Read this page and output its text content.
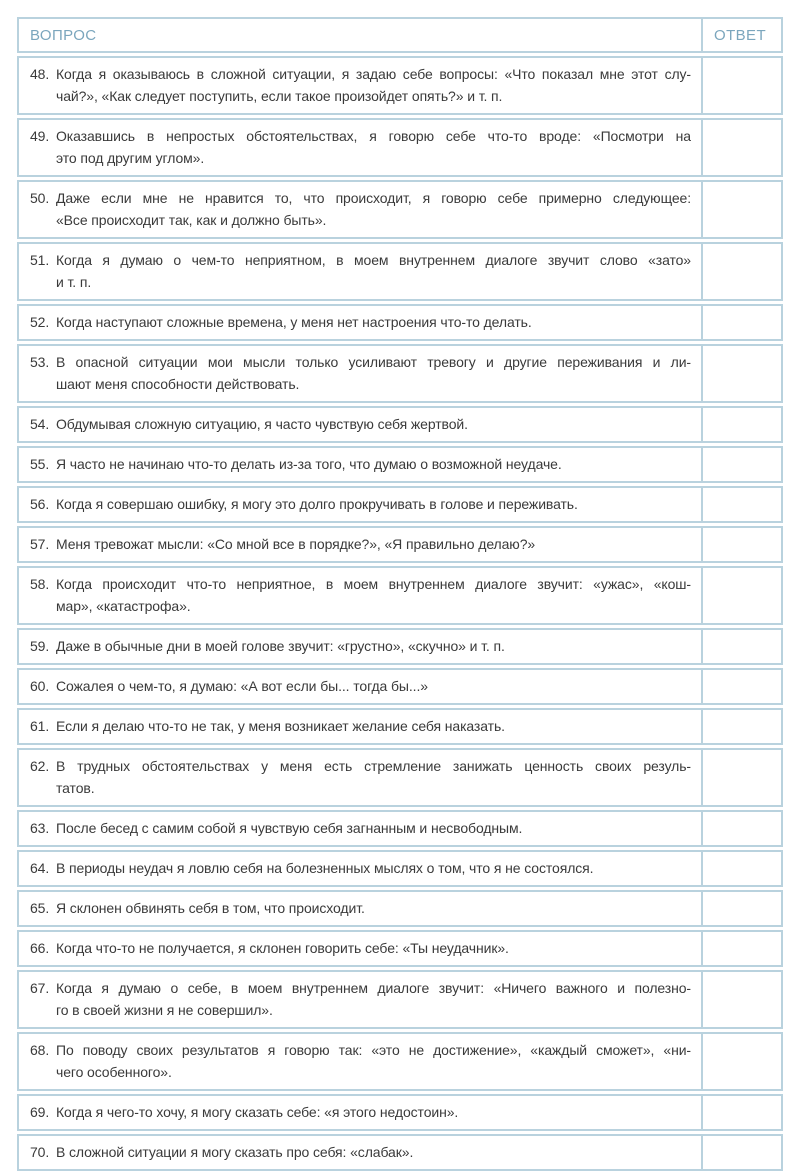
ВОПРОС	ОТВЕТ
48. Когда я оказываюсь в сложной ситуации, я задаю себе вопросы: «Что показал мне этот слу-
чай?», «Как следует поступить, если такое произойдет опять?» и т. п.
49. Оказавшись в непростых обстоятельствах, я говорю себе что-то вроде: «Посмотри на
это под другим углом».
50. Даже если мне не нравится то, что происходит, я говорю себе примерно следующее:
«Все происходит так, как и должно быть».
51. Когда я думаю о чем-то неприятном, в моем внутреннем диалоге звучит слово «зато»
и т. п.
52. Когда наступают сложные времена, у меня нет настроения что-то делать.
53. В опасной ситуации мои мысли только усиливают тревогу и другие переживания и ли-
шают меня способности действовать.
54. Обдумывая сложную ситуацию, я часто чувствую себя жертвой.
55. Я часто не начинаю что-то делать из-за того, что думаю о возможной неудаче.
56. Когда я совершаю ошибку, я могу это долго прокручивать в голове и переживать.
57. Меня тревожат мысли: «Со мной все в порядке?», «Я правильно делаю?»
58. Когда происходит что-то неприятное, в моем внутреннем диалоге звучит: «ужас», «кош-
мар», «катастрофа».
59. Даже в обычные дни в моей голове звучит: «грустно», «скучно» и т. п.
60. Сожалея о чем-то, я думаю: «А вот если бы... тогда бы...»
61. Если я делаю что-то не так, у меня возникает желание себя наказать.
62. В трудных обстоятельствах у меня есть стремление занижать ценность своих резуль-
татов.
63. После бесед с самим собой я чувствую себя загнанным и несвободным.
64. В периоды неудач я ловлю себя на болезненных мыслях о том, что я не состоялся.
65. Я склонен обвинять себя в том, что происходит.
66. Когда что-то не получается, я склонен говорить себе: «Ты неудачник».
67. Когда я думаю о себе, в моем внутреннем диалоге звучит: «Ничего важного и полезно-
го в своей жизни я не совершил».
68. По поводу своих результатов я говорю так: «это не достижение», «каждый сможет», «ни-
чего особенного».
69. Когда я чего-то хочу, я могу сказать себе: «я этого недостоин».
70. В сложной ситуации я могу сказать про себя: «слабак».
